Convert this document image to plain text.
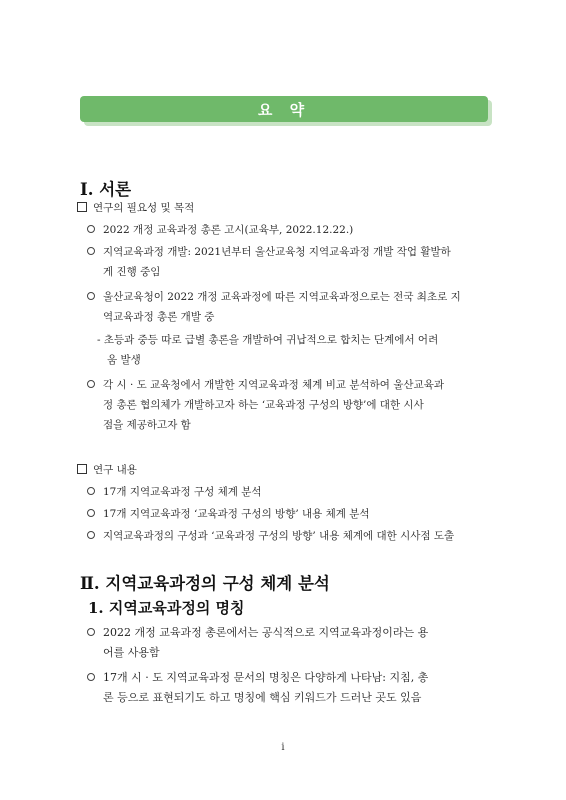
요 약
Ⅰ. 서론
연구의 필요성 및 목적
2022 개정 교육과정 총론 고시(교육부, 2022.12.22.)
지역교육과정 개발: 2021년부터 울산교육청 지역교육과정 개발 작업 활발하
게 진행 중임
울산교육청이 2022 개정 교육과정에 따른 지역교육과정으로는 전국 최초로 지
역교육과정 총론 개발 중
- 초등과 중등 따로 급별 총론을 개발하여 귀납적으로 합치는 단계에서 어려
움 발생
각 시 · 도 교육청에서 개발한 지역교육과정 체계 비교 분석하여 울산교육과
정 총론 협의체가 개발하고자 하는 ‘교육과정 구성의 방향’에 대한 시사
점을 제공하고자 함
연구 내용
17개 지역교육과정 구성 체계 분석
17개 지역교육과정 ‘교육과정 구성의 방향’ 내용 체계 분석
지역교육과정의 구성과 ‘교육과정 구성의 방향’ 내용 체계에 대한 시사점 도출
Ⅱ. 지역교육과정의 구성 체계 분석
1. 지역교육과정의 명칭
2022 개정 교육과정 총론에서는 공식적으로 지역교육과정이라는 용
어를 사용함
17개 시 · 도 지역교육과정 문서의 명칭은 다양하게 나타남: 지침, 총
론 등으로 표현되기도 하고 명칭에 핵심 키워드가 드러난 곳도 있음
i
